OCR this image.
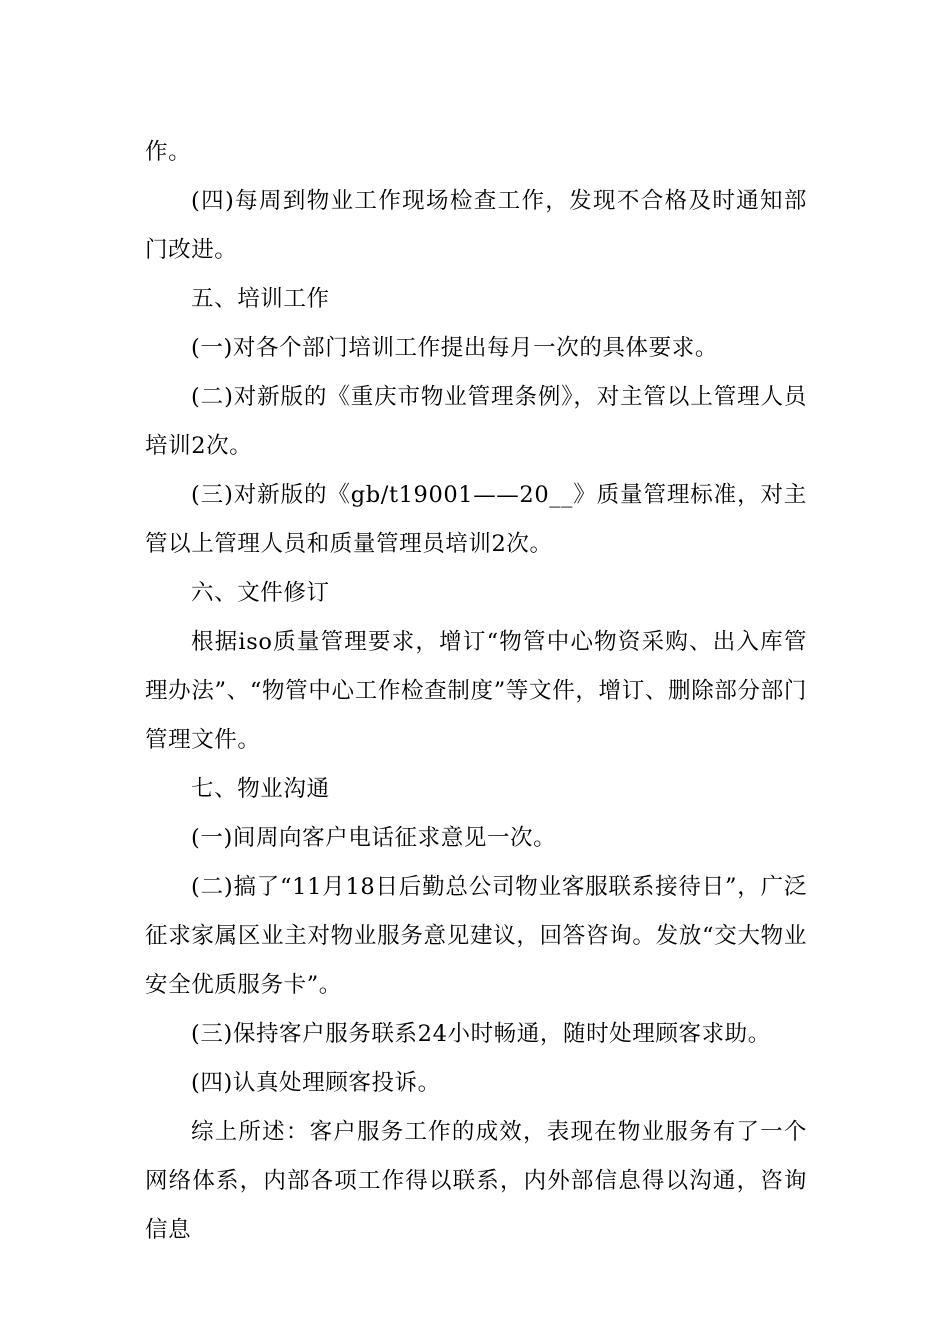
作。

(四)每周到物业工作现场检查工作，发现不合格及时通知部门改进。

五、培训工作

(一)对各个部门培训工作提出每月一次的具体要求。

(二)对新版的《重庆市物业管理条例》，对主管以上管理人员培训2次。

(三)对新版的《gb/t19001——20__》质量管理标准，对主管以上管理人员和质量管理员培训2次。

六、文件修订

根据iso质量管理要求，增订“物管中心物资采购、出入库管理办法”、“物管中心工作检查制度”等文件，增订、删除部分部门管理文件。

七、物业沟通

(一)间周向客户电话征求意见一次。

(二)搞了“11月18日后勤总公司物业客服联系接待日”，广泛征求家属区业主对物业服务意见建议，回答咨询。发放“交大物业安全优质服务卡”。

(三)保持客户服务联系24小时畅通，随时处理顾客求助。

(四)认真处理顾客投诉。

综上所述：客户服务工作的成效，表现在物业服务有了一个网络体系，内部各项工作得以联系，内外部信息得以沟通，咨询信息
